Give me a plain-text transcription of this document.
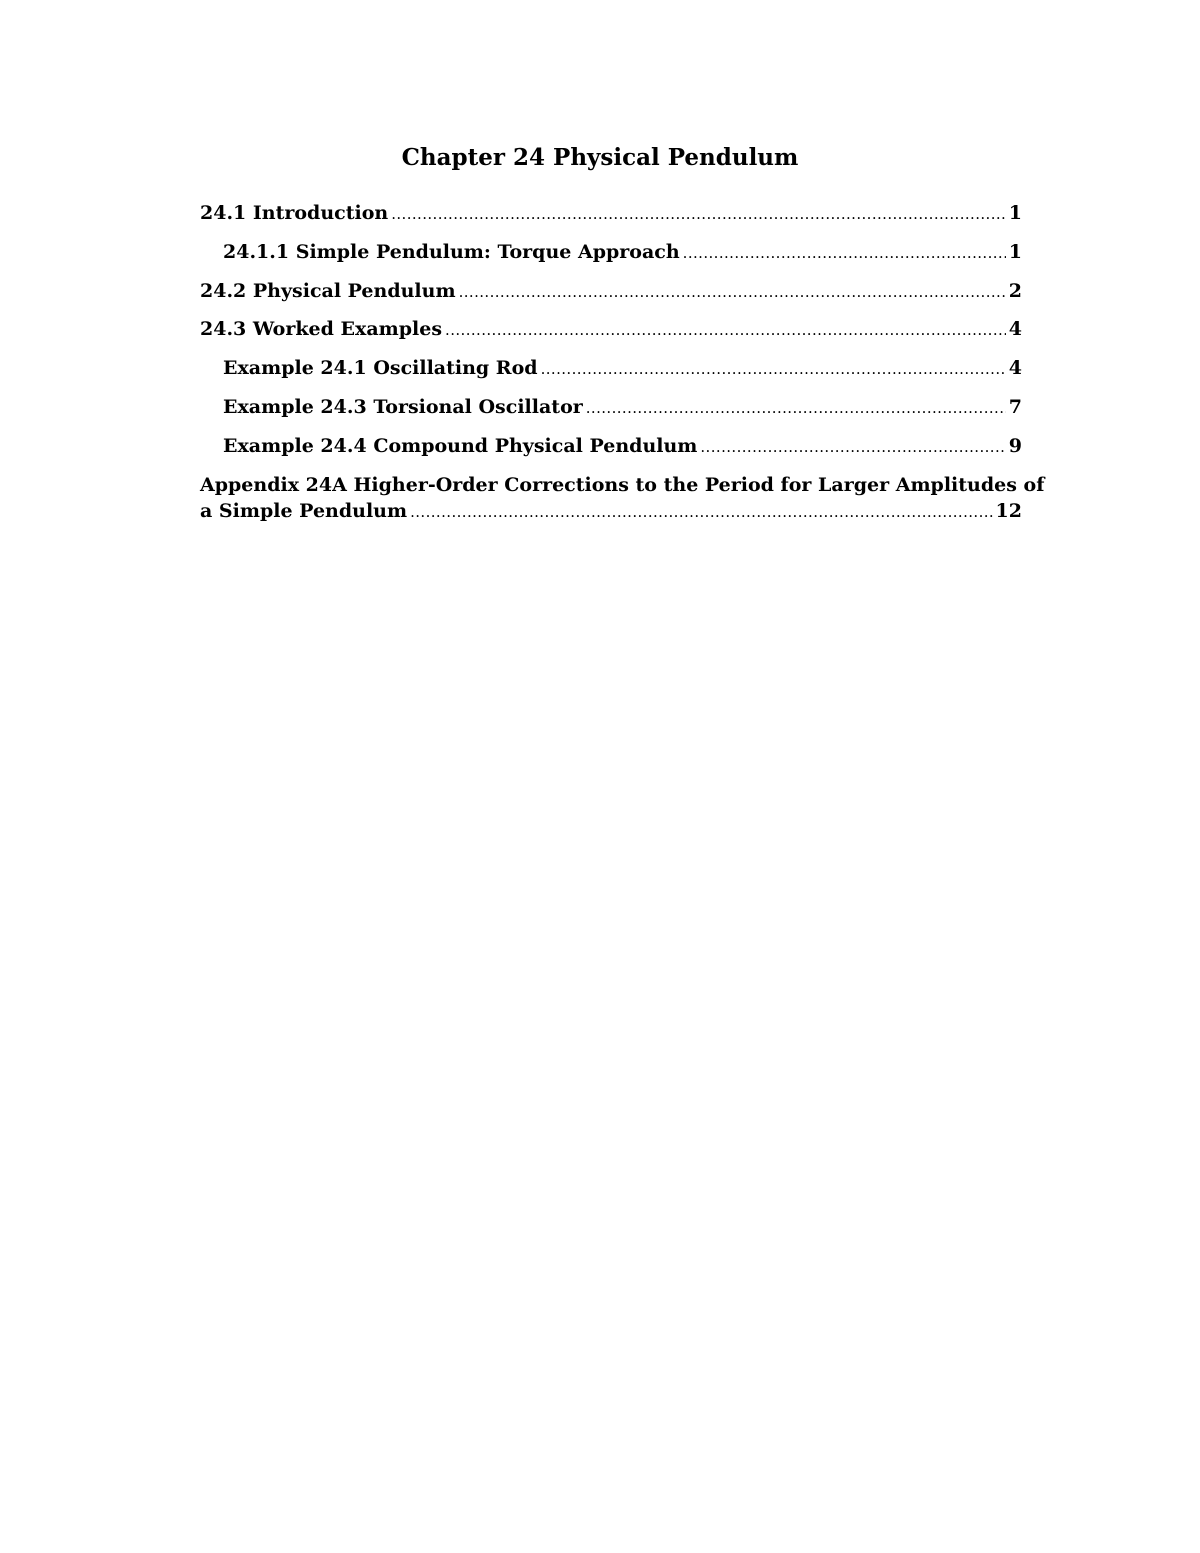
Chapter 24 Physical Pendulum
24.1 Introduction .....	1
24.1.1 Simple Pendulum: Torque Approach .....	1
24.2 Physical Pendulum .....	2
24.3 Worked Examples .....	4
Example 24.1 Oscillating Rod .....	4
Example 24.3 Torsional Oscillator .....	7
Example 24.4 Compound Physical Pendulum .....	9
Appendix 24A Higher-Order Corrections to the Period for Larger Amplitudes of
a Simple Pendulum .....	12
